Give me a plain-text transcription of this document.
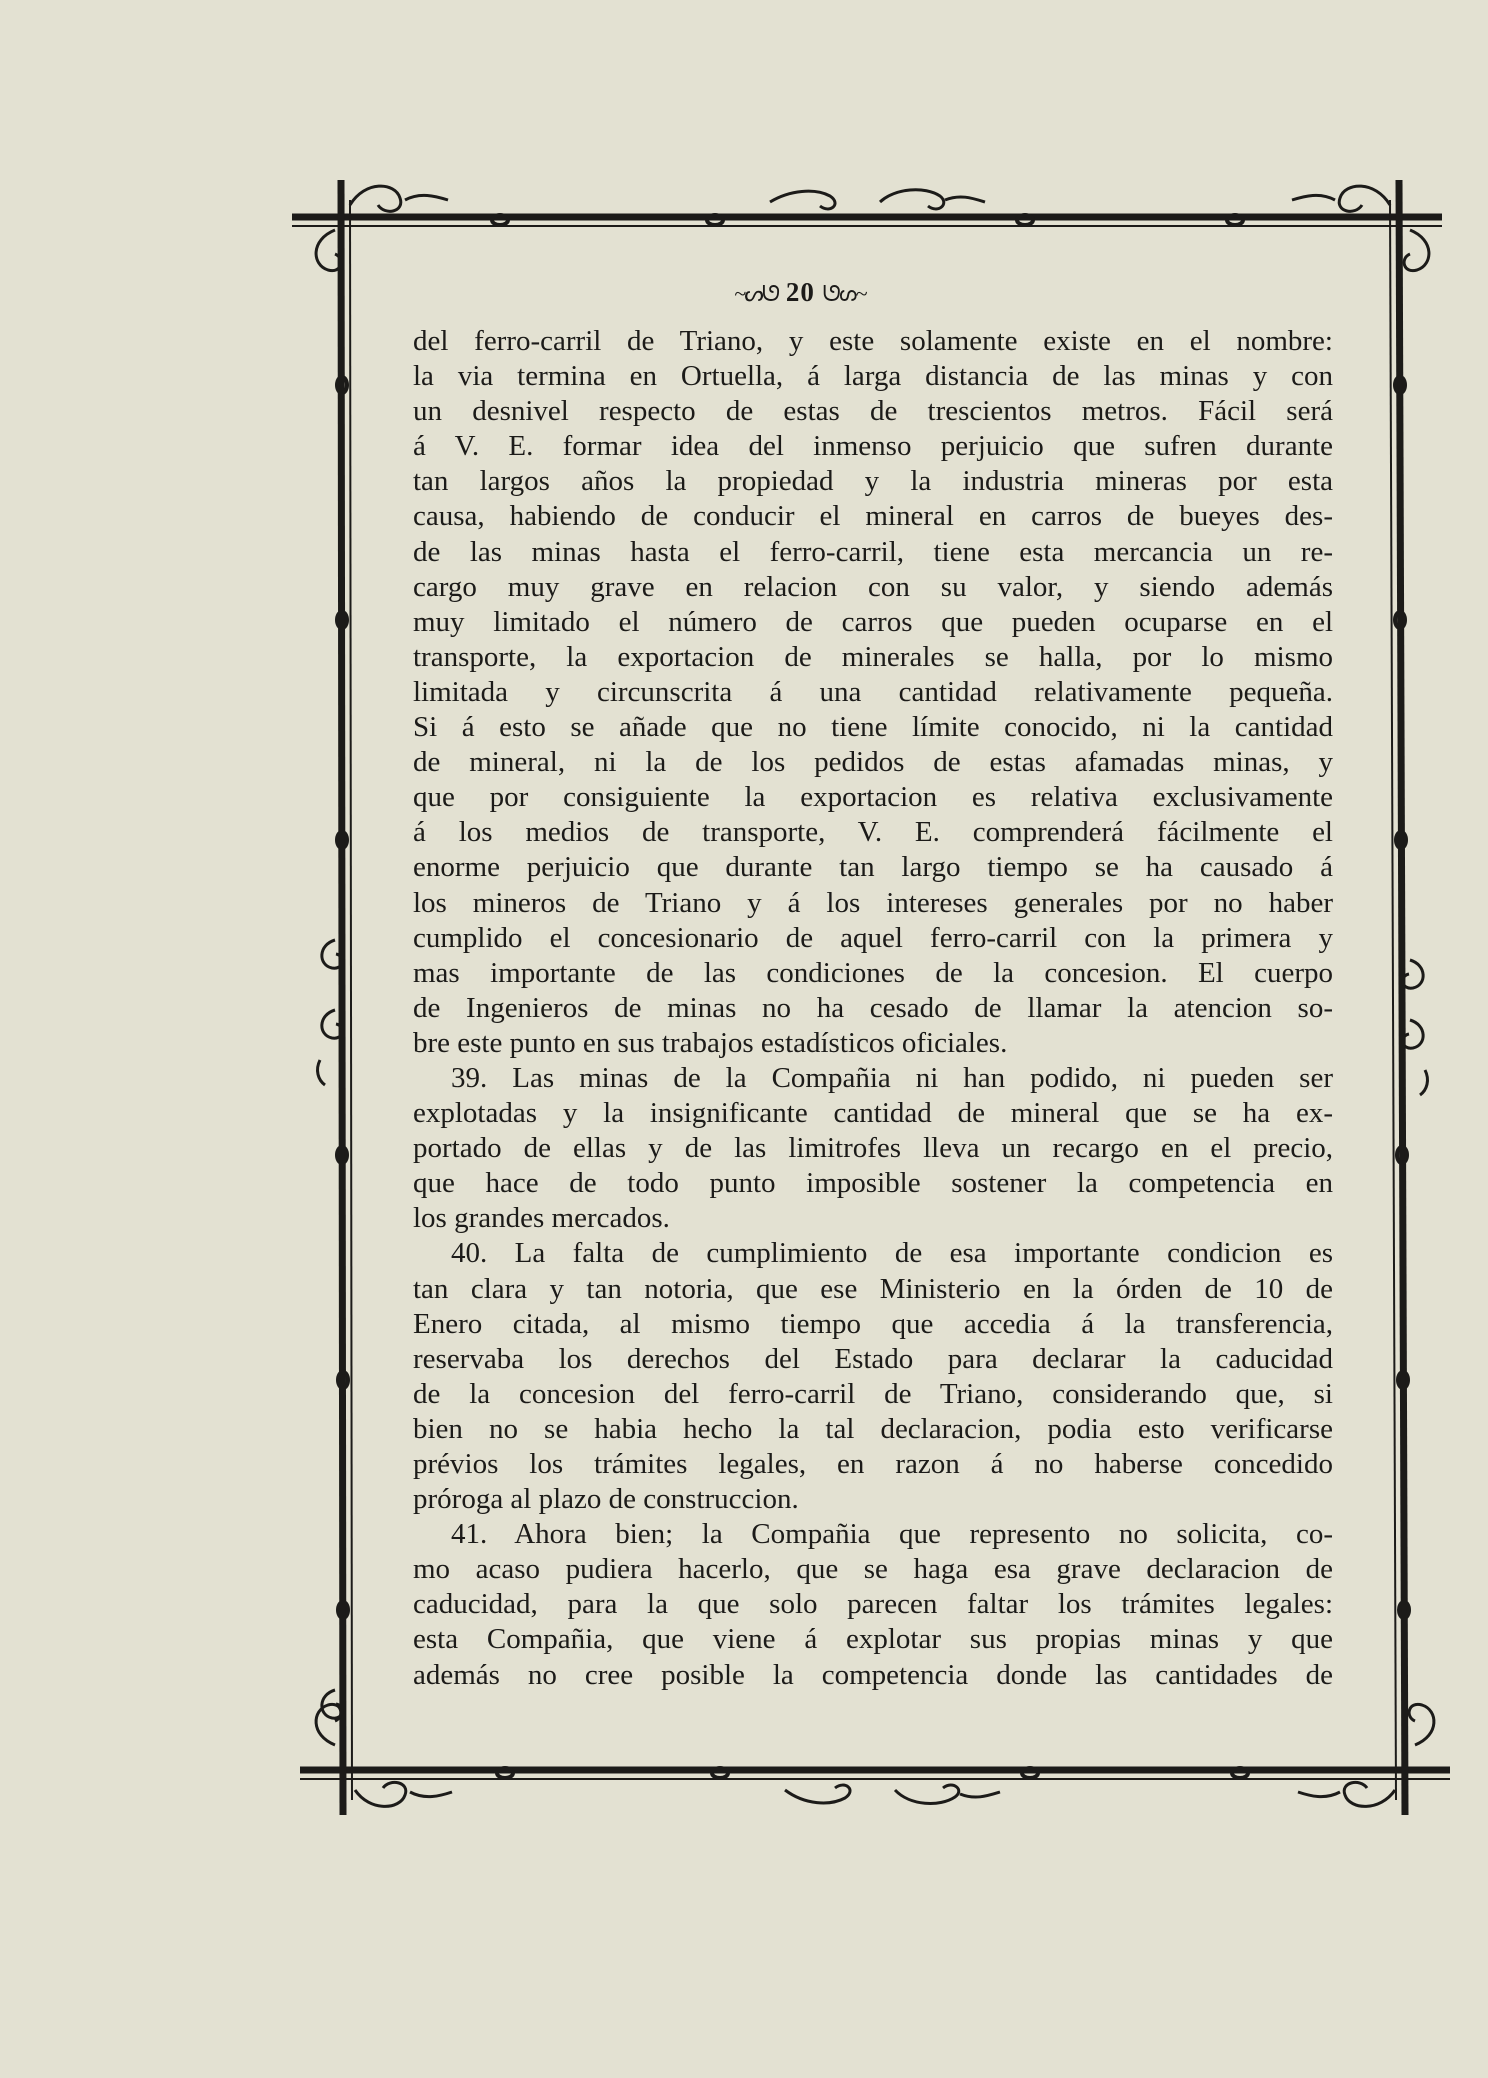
~ᔕᘎ 20 ᘎᔕ~
del ferro-carril de Triano, y este solamente existe en el nombre:
la via termina en Ortuella, á larga distancia de las minas y con
un desnivel respecto de estas de trescientos metros. Fácil será
á V. E. formar idea del inmenso perjuicio que sufren durante
tan largos años la propiedad y la industria mineras por esta
causa, habiendo de conducir el mineral en carros de bueyes des-
de las minas hasta el ferro-carril, tiene esta mercancia un re-
cargo muy grave en relacion con su valor, y siendo además
muy limitado el número de carros que pueden ocuparse en el
transporte, la exportacion de minerales se halla, por lo mismo
limitada y circunscrita á una cantidad relativamente pequeña.
Si á esto se añade que no tiene límite conocido, ni la cantidad
de mineral, ni la de los pedidos de estas afamadas minas, y
que por consiguiente la exportacion es relativa exclusivamente
á los medios de transporte, V. E. comprenderá fácilmente el
enorme perjuicio que durante tan largo tiempo se ha causado á
los mineros de Triano y á los intereses generales por no haber
cumplido el concesionario de aquel ferro-carril con la primera y
mas importante de las condiciones de la concesion. El cuerpo
de Ingenieros de minas no ha cesado de llamar la atencion so-
bre este punto en sus trabajos estadísticos oficiales.
39. Las minas de la Compañia ni han podido, ni pueden ser
explotadas y la insignificante cantidad de mineral que se ha ex-
portado de ellas y de las limitrofes lleva un recargo en el precio,
que hace de todo punto imposible sostener la competencia en
los grandes mercados.
40. La falta de cumplimiento de esa importante condicion es
tan clara y tan notoria, que ese Ministerio en la órden de 10 de
Enero citada, al mismo tiempo que accedia á la transferencia,
reservaba los derechos del Estado para declarar la caducidad
de la concesion del ferro-carril de Triano, considerando que, si
bien no se habia hecho la tal declaracion, podia esto verificarse
prévios los trámites legales, en razon á no haberse concedido
próroga al plazo de construccion.
41. Ahora bien; la Compañia que represento no solicita, co-
mo acaso pudiera hacerlo, que se haga esa grave declaracion de
caducidad, para la que solo parecen faltar los trámites legales:
esta Compañia, que viene á explotar sus propias minas y que
además no cree posible la competencia donde las cantidades de
